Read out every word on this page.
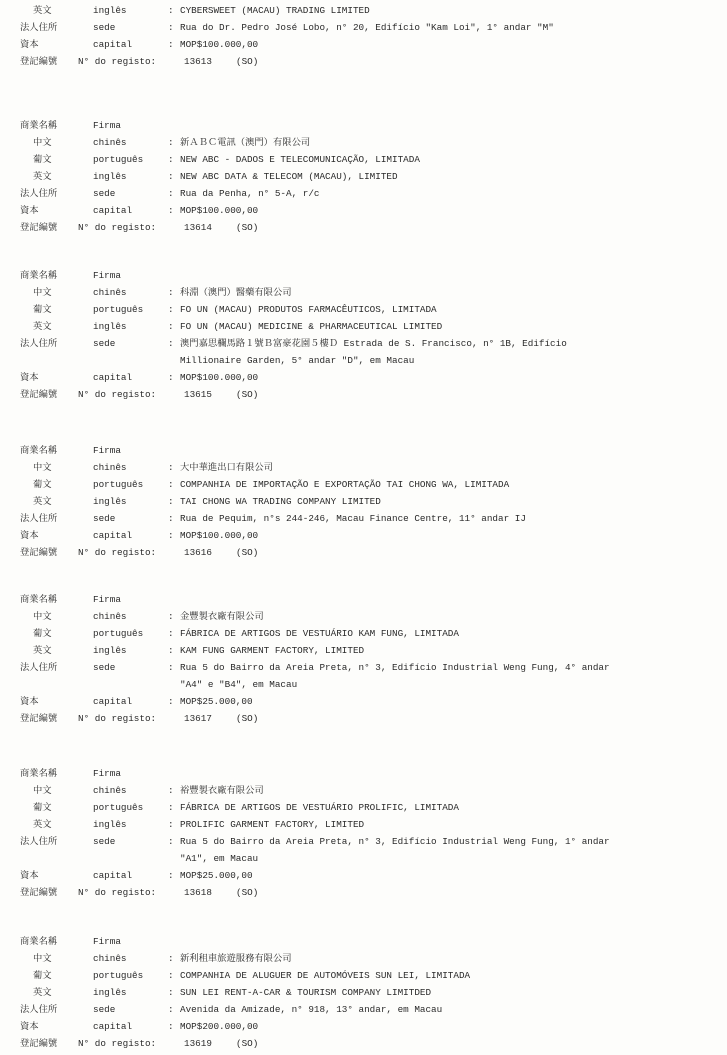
英文	inglês	: CYBERSWEET (MACAU) TRADING LIMITED
法人住所	sede	: Rua do Dr. Pedro José Lobo, n° 20, Edifício "Kam Loi", 1° andar "M"
資本	capital	: MOP$100.000,00
登記編號 N° do registo:	13613	(SO)
商業名稱	Firma
中文	chinês	: 新ＡＢＣ電訊（澳門）有限公司
葡文	português	: NEW ABC - DADOS E TELECOMUNICAÇÃO, LIMITADA
英文	inglês	: NEW ABC DATA & TELECOM (MACAU), LIMITED
法人住所	sede	: Rua da Penha, n° 5-A, r/c
資本	capital	: MOP$100.000,00
登記編號 N° do registo:	13614	(SO)
商業名稱	Firma
中文	chinês	: 科淵（澳門）醫藥有限公司
葡文	português	: FO UN (MACAU) PRODUTOS FARMACÊUTICOS, LIMITADA
英文	inglês	: FO UN (MACAU) MEDICINE & PHARMACEUTICAL LIMITED
法人住所	sede	: 澳門嘉思欄馬路１號Ｂ富豪花園５樓Ｄ Estrada de S. Francisco, n° 1B, Edifício
Millionaire Garden, 5° andar "D", em Macau
資本	capital	: MOP$100.000,00
登記編號 N° do registo:	13615	(SO)
商業名稱	Firma
中文	chinês	: 大中華進出口有限公司
葡文	português	: COMPANHIA DE IMPORTAÇÃO E EXPORTAÇÃO TAI CHONG WA, LIMITADA
英文	inglês	: TAI CHONG WA TRADING COMPANY LIMITED
法人住所	sede	: Rua de Pequim, n°s 244-246, Macau Finance Centre, 11° andar IJ
資本	capital	: MOP$100.000,00
登記編號 N° do registo:	13616	(SO)
商業名稱	Firma
中文	chinês	: 金豐製衣廠有限公司
葡文	português	: FÁBRICA DE ARTIGOS DE VESTUÁRIO KAM FUNG, LIMITADA
英文	inglês	: KAM FUNG GARMENT FACTORY, LIMITED
法人住所	sede	: Rua 5 do Bairro da Areia Preta, n° 3, Edifício Industrial Weng Fung, 4° andar
"A4" e "B4", em Macau
資本	capital	: MOP$25.000,00
登記編號 N° do registo:	13617	(SO)
商業名稱	Firma
中文	chinês	: 裕豐製衣廠有限公司
葡文	português	: FÁBRICA DE ARTIGOS DE VESTUÁRIO PROLIFIC, LIMITADA
英文	inglês	: PROLIFIC GARMENT FACTORY, LIMITED
法人住所	sede	: Rua 5 do Bairro da Areia Preta, n° 3, Edifício Industrial Weng Fung, 1° andar
"A1", em Macau
資本	capital	: MOP$25.000,00
登記編號 N° do registo:	13618	(SO)
商業名稱	Firma
中文	chinês	: 新利租車旅遊服務有限公司
葡文	português	: COMPANHIA DE ALUGUER DE AUTOMÓVEIS SUN LEI, LIMITADA
英文	inglês	: SUN LEI RENT-A-CAR & TOURISM COMPANY LIMITDED
法人住所	sede	: Avenida da Amizade, n° 918, 13° andar, em Macau
資本	capital	: MOP$200.000,00
登記編號 N° do registo:	13619	(SO)
